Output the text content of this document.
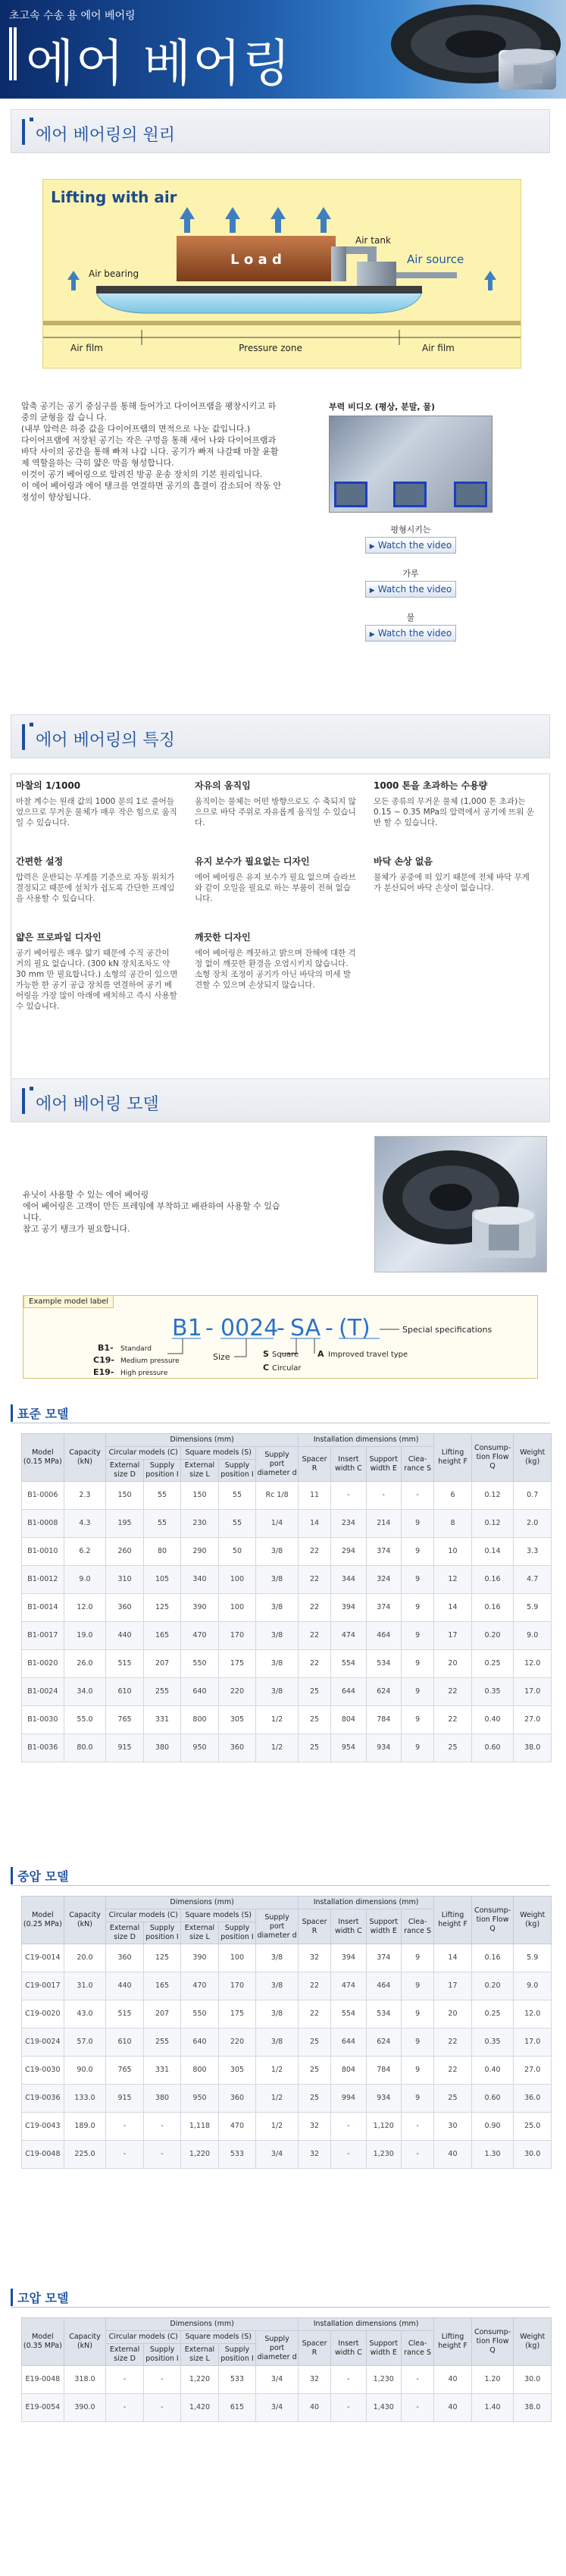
초고속 수송 용 에어 베어링
에어 베어링
에어 베어링의 원리
Lifting with air
L o a d
Air tank
Air source
Air bearing
Air film	Pressure zone	Air film

압축 공기는 공기 중심구를 통해 들어가고 다이어프램을 팽창시키고 하

중의 균형을 잡 습니 다.

(내부 압력은 하중 값을 다이어프램의 면적으로 나눈 값입니다.)

다이어프램에 저장된 공기는 작은 구멍을 통해 새어 나와 다이어프램과

바닥 사이의 공간을 통해 빠져 나갑 니다. 공기가 빠져 나갈때 마찰 윤활

제 역할을하는 극히 얇은 막을 형성합니다.

이것이 공기 베어링으로 알려진 방공 운송 장치의 기본 원리입니다.

이 에어 베어링과 에어 탱크를 연결하면 공기의 흡결이 감소되어 작동 안

정성이 향상됩니다.

부력 비디오 (평상, 분말, 물)
평형시키는
▶ Watch the video
가루
▶ Watch the video
물
▶ Watch the video
에어 베어링의 특징
마찰의 1/1000
마찰 계수는 원래 값의 1000 분의 1로 줄어들었으므로 무거운 물체가 매우 작은 힘으로 움직일 수 있습니다.
자유의 움직임
움직이는 물체는 어떤 방향으로도 수 축되지 않으므로 바닥 주위로 자유롭게 움직일 수 있습니다.
1000 톤을 초과하는 수용량
모든 종류의 무거운 물체 (1,000 톤 초과)는 0.15 ~ 0.35 MPa의 압력에서 공기에 뜨워 운반 할 수 있습니다.
간편한 설정
압력은 운반되는 무게를 기준으로 자동 위치가 결정되고 때문에 설치가 쉽도록 간단한 프레임을 사용할 수 있습니다.
유지 보수가 필요없는 디자인
에어 베어링은 유지 보수가 필요 없으며 슬라브와 같이 오일을 필요로 하는 부품이 전혀 없습니다.
바닥 손상 없음
물체가 공중에 떠 있기 때문에 전체 바닥 무게가 분산되어 바닥 손상이 없습니다.
얇은 프로파일 디자인
공기 베어링은 매우 얇기 때문에 수직 공간이 거의 필요 없습니다. (300 kN 장치조차도 약 30 mm 만 필요합니다.) 소형의 공간이 있으면 가능한 한 공기 공급 장치를 연결하여 공기 베어링을 가장 많이 아래에 배치하고 즉시 사용할 수 있습니다.
깨끗한 디자인
에어 베어링은 깨끗하고 밝으며 잔해에 대한 걱정 없이 깨끗한 환경을 오염시키지 않습니다. 소형 장치 조정이 공기가 아닌 바닥의 미세 발견할 수 있으며 손상되지 않습니다.
에어 베어링 모델

유닛이 사용할 수 있는 에어 베어링

에어 베어링은 고객이 만든 프레임에 부착하고 배관하여 사용할 수 있습

니다.

참고 공기 탱크가 필요합니다.

Example model label
B1 - 0024
- SA - (T)	Special specifications
B1- Standard
C19- Medium pressure
E19- High pressure
Size	S Square
C Circular
A Improved travel type
표준 모델
Model
(0.15 MPa)	Capacity (kN)	Dimensions (mm)					Installation dimensions (mm)				Lifting height F	Consump-tion Flow Q	Weight (kg)
		Circular models (C)		Square models (S)		Supply port diameter d	Spacer R	Insert width C	Support width E	Clea-rance S			
		External size D	Supply position I	External size L	Supply position I								
B1-0006	2.3	150	55	150	55	Rc 1/8	11	-	-	-	6	0.12	0.7
B1-0008	4.3	195	55	230	55	1/4	14	234	214	9	8	0.12	2.0
B1-0010	6.2	260	80	290	50	3/8	22	294	374	9	10	0.14	3.3
B1-0012	9.0	310	105	340	100	3/8	22	344	324	9	12	0.16	4.7
B1-0014	12.0	360	125	390	100	3/8	22	394	374	9	14	0.16	5.9
B1-0017	19.0	440	165	470	170	3/8	22	474	464	9	17	0.20	9.0
B1-0020	26.0	515	207	550	175	3/8	22	554	534	9	20	0.25	12.0
B1-0024	34.0	610	255	640	220	3/8	25	644	624	9	22	0.35	17.0
B1-0030	55.0	765	331	800	305	1/2	25	804	784	9	22	0.40	27.0
B1-0036	80.0	915	380	950	360	1/2	25	954	934	9	25	0.60	38.0
중압 모델
Model
(0.25 MPa)	Capacity (kN)	Dimensions (mm)					Installation dimensions (mm)				Lifting height F	Consump-tion Flow Q	Weight (kg)
		Circular models (C)		Square models (S)		Supply port diameter d	Spacer R	Insert width C	Support width E	Clea-rance S			
		External size D	Supply position I	External size L	Supply position I								
C19-0014	20.0	360	125	390	100	3/8	32	394	374	9	14	0.16	5.9
C19-0017	31.0	440	165	470	170	3/8	22	474	464	9	17	0.20	9.0
C19-0020	43.0	515	207	550	175	3/8	22	554	534	9	20	0.25	12.0
C19-0024	57.0	610	255	640	220	3/8	25	644	624	9	22	0.35	17.0
C19-0030	90.0	765	331	800	305	1/2	25	804	784	9	22	0.40	27.0
C19-0036	133.0	915	380	950	360	1/2	25	994	934	9	25	0.60	36.0
C19-0043	189.0	-	-	1,118	470	1/2	32	-	1,120	-	30	0.90	25.0
C19-0048	225.0	-	-	1,220	533	3/4	32	-	1,230	-	40	1.30	30.0
고압 모델
Model
(0.35 MPa)	Capacity (kN)	Dimensions (mm)					Installation dimensions (mm)				Lifting height F	Consump-tion Flow Q	Weight (kg)
		Circular models (C)		Square models (S)		Supply port diameter d	Spacer R	Insert width C	Support width E	Clea-rance S			
		External size D	Supply position I	External size L	Supply position I								
E19-0048	318.0	-	-	1,220	533	3/4	32	-	1,230	-	40	1.20	30.0
E19-0054	390.0	-	-	1,420	615	3/4	40	-	1,430	-	40	1.40	38.0
